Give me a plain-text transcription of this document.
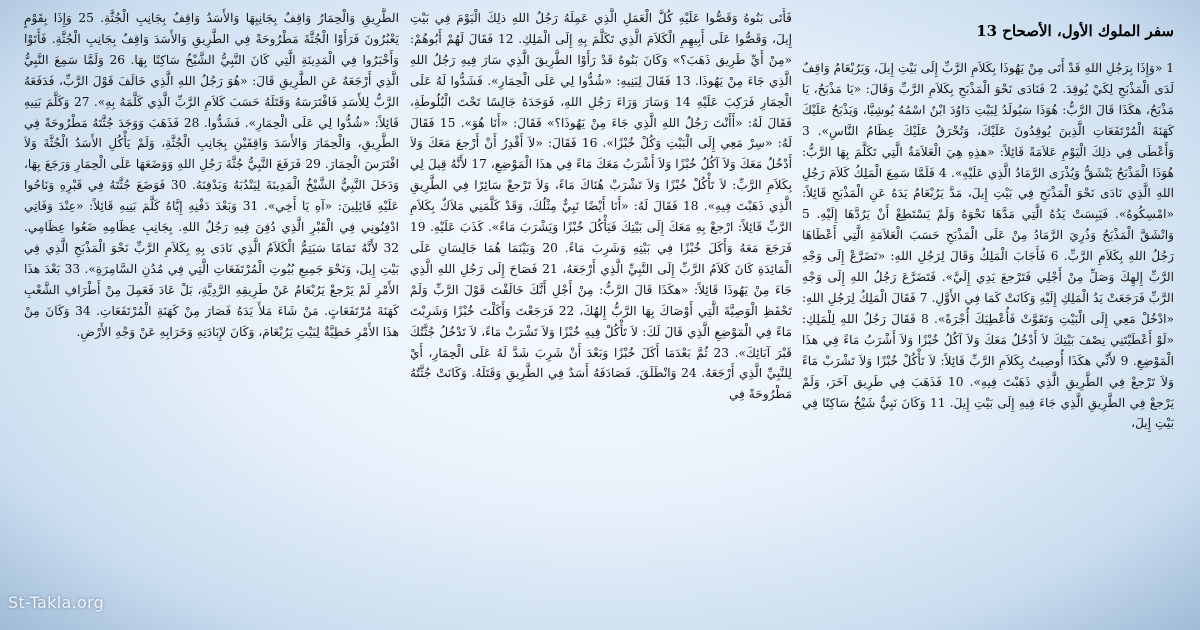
سفر الملوك الأول، الأصحاح 13
1 «وَإِذَا بِرَجُلِ اللهِ قَدْ أَتَى مِنْ يَهُوذَا بِكَلاَمِ الرَّبِّ إِلَى بَيْتِ إِيلَ، وَيَرُبْعَامُ وَاقِفٌ لَدَى الْمَذْبَحِ لِكَيْ يُوقِدَ. 2 فَنَادَى نَحْوَ الْمَذْبَحِ بِكَلاَمِ الرَّبِّ وَقَالَ: «يَا مَذْبَحُ، يَا مَذْبَحُ، هكَذَا قَالَ الرَّبُّ: هُوَذَا سَيُولَدُ لِبَيْتِ دَاوُدَ ابْنٌ اسْمُهُ يُوشِيَّا، وَيَذْبَحُ عَلَيْكَ كَهَنَةَ الْمُرْتَفَعَاتِ الَّذِينَ يُوقِدُونَ عَلَيْكَ، وَتُحْرَقُ عَلَيْكَ عِظَامُ النَّاسِ». 3 وَأَعْطَى فِي ذلِكَ الْيَوْمِ عَلاَمَةً قَائِلاً: «هذِهِ هِيَ الْعَلاَمَةُ الَّتِي تَكَلَّمَ بِهَا الرَّبُّ: هُوَذَا الْمَذْبَحُ يَنْشَقُّ وَيُذْرَى الرَّمَادُ الَّذِي عَلَيْهِ». 4 فَلَمَّا سَمِعَ الْمَلِكُ كَلاَمَ رَجُلِ اللهِ الَّذِي نَادَى نَحْوَ الْمَذْبَحِ فِي بَيْتِ إِيلَ، مَدَّ يَرُبْعَامُ يَدَهُ عَنِ الْمَذْبَحِ قَائِلاً: «امْسِكُوهُ». فَيَبِسَتْ يَدُهُ الَّتِي مَدَّهَا نَحْوَهُ وَلَمْ يَسْتَطِعْ أَنْ يَرُدَّهَا إِلَيْهِ. 5 وَانْشَقَّ الْمَذْبَحُ وَذُرِيَ الرَّمَادُ مِنْ عَلَى الْمَذْبَحِ حَسَبَ الْعَلاَمَةِ الَّتِي أَعْطَاهَا رَجُلُ اللهِ بِكَلاَمِ الرَّبِّ. 6 فَأَجَابَ الْمَلِكُ وَقَالَ لِرَجُلِ اللهِ: «تَضَرَّعْ إِلَى وَجْهِ الرَّبِّ إِلهِكَ وَصَلِّ مِنْ أَجْلِي فَتَرْجعَ يَدِي إِلَيَّ». فَتَضَرَّعَ رَجُلُ اللهِ إِلَى وَجْهِ الرَّبِّ فَرَجَعَتْ يَدُ الْمَلِكِ إِلَيْهِ وَكَانَتْ كَمَا فِي الأَوَّلِ. 7 فَقَالَ الْمَلِكُ لِرَجُلِ اللهِ: «ادْخُلْ مَعِي إِلَى الْبَيْتِ وَتَقَوَّتْ فَأُعْطِيَكَ أُجْرَةً». 8 فَقَالَ رَجُلُ اللهِ لِلْمَلِكِ: «لَوْ أَعْطَيْتَنِي نِصْفَ بَيْتِكَ لاَ أَدْخُلُ مَعَكَ وَلاَ آكُلُ خُبْزًا وَلاَ أَشْرَبُ مَاءً فِي هذَا الْمَوْضِعِ. 9 لأَنِّي هكَذَا أُوصِيتُ بِكَلاَمِ الرَّبِّ قَائِلاً: لاَ تَأْكُلْ خُبْزًا وَلاَ تَشْرَبْ مَاءً وَلاَ تَرْجعْ فِي الطَّرِيقِ الَّذِي ذَهَبْتَ فِيهِ». 10 فَذَهَبَ فِي طَرِيق آخَرَ، وَلَمْ يَرْجعْ فِي الطَّرِيقِ الَّذِي جَاءَ فِيهِ إِلَى بَيْتِ إِيلَ. 11 وَكَانَ نَبِيٌّ شَيْخٌ سَاكِنًا فِي بَيْتِ إِيلَ،
فَأَتَى بَنُوهُ وَقَصُّوا عَلَيْهِ كُلَّ الْعَمَلِ الَّذِي عَمِلَهُ رَجُلُ اللهِ ذلِكَ الْيَوْمَ فِي بَيْتِ إِيلَ، وَقَصُّوا عَلَى أَبِيهِمِ الْكَلاَمَ الَّذِي تَكَلَّمَ بِهِ إِلَى الْمَلِكِ. 12 فَقَالَ لَهُمْ أَبُوهُمْ: «مِنْ أَيِّ طَرِيق ذَهَبَ؟» وَكَانَ بَنُوهُ قَدْ رَأَوْا الطَّرِيقَ الَّذِي سَارَ فِيهِ رَجُلُ اللهِ الَّذِي جَاءَ مِنْ يَهُوذَا. 13 فَقَالَ لِبَنِيهِ: «شُدُّوا لِي عَلَى الْحِمَارِ». فَشَدُّوا لَهُ عَلَى الْحِمَارِ فَرَكِبَ عَلَيْهِ 14 وَسَارَ وَرَاءَ رَجُلِ اللهِ، فَوَجَدَهُ جَالِسًا تَحْتَ الْبُلُوطَةِ، فَقَالَ لَهُ: «أَأَنْتَ رَجُلُ اللهِ الَّذِي جَاءَ مِنْ يَهُوذَا؟» فَقَالَ: «أَنَا هُوَ». 15 فَقَالَ لَهُ: «سِرْ مَعِي إِلَى الْبَيْتِ وَكُلْ خُبْزًا». 16 فَقَالَ: «لاَ أَقْدِرُ أَنْ أَرْجعَ مَعَكَ وَلاَ أَدْخُلُ مَعَكَ وَلاَ آكُلُ خُبْزًا وَلاَ أَشْرَبُ مَعَكَ مَاءً فِي هذَا الْمَوْضِعِ، 17 لأَنَّهُ قِيلَ لِي بِكَلاَمِ الرَّبِّ: لاَ تَأْكُلْ خُبْزًا وَلاَ تَشْرَبْ هُنَاكَ مَاءً، وَلاَ تَرْجعْ سَائِرًا فِي الطَّرِيقِ الَّذِي ذَهَبْتَ فِيهِ». 18 فَقَالَ لَهُ: «أَنَا أَيْضًا نَبِيٌّ مِثْلُكَ، وَقَدْ كَلَّمَنِي مَلاَكٌ بِكَلاَمِ الرَّبِّ قَائِلاً: ارْجعْ بِهِ مَعَكَ إِلَى بَيْتِكَ فَيَأْكُلَ خُبْزًا وَيَشْرَبَ مَاءً». كَذَبَ عَلَيْهِ. 19 فَرَجَعَ مَعَهُ وَأَكَلَ خُبْزًا فِي بَيْتِهِ وَشَرِبَ مَاءً. 20 وَبَيْنَمَا هُمَا جَالِسَانِ عَلَى الْمَائِدَةِ كَانَ كَلاَمُ الرَّبِّ إِلَى النَّبِيِّ الَّذِي أَرْجَعَهُ، 21 فَصَاحَ إِلَى رَجُلِ اللهِ الَّذِي جَاءَ مِنْ يَهُوذَا قَائِلاً: «هكَذَا قَالَ الرَّبُّ: مِنْ أَجْلِ أَنَّكَ خَالَفْتَ قَوْلَ الرَّبِّ وَلَمْ تَحْفَظِ الْوَصِيَّةَ الَّتِي أَوْصَاكَ بِهَا الرَّبُّ إِلهُكَ، 22 فَرَجَعْتَ وَأَكَلْتَ خُبْزًا وَشَرِبْتَ مَاءً فِي الْمَوْضِعِ الَّذِي قَالَ لَكَ: لاَ تَأْكُلْ فِيهِ خُبْزًا وَلاَ تَشْرَبْ مَاءً، لاَ تَدْخُلُ جُثَّتُكَ قَبْرَ آبَائِكَ». 23 ثُمَّ بَعْدَمَا أَكَلَ خُبْزًا وَبَعْدَ أَنْ شَرِبَ شَدَّ لَهُ عَلَى الْحِمَارِ، أَيْ لِلنَّبِيِّ الَّذِي أَرْجَعَهُ. 24 وَانْطَلَقَ. فَصَادَفَهُ أَسَدٌ فِي الطَّرِيقِ وَقَتَلَهُ. وَكَانَتْ جُثَّتُهُ مَطْرُوحَةً فِي
الطَّرِيقِ وَالْحِمَارُ وَاقِفٌ بِجَانِبِهَا وَالأَسَدُ وَاقِفٌ بِجَانِبِ الْجُثَّةِ. 25 وَإِذَا بِقَوْمٍ يَعْبُرُونَ فَرَأَوْا الْجُثَّةَ مَطْرُوحَةً فِي الطَّرِيقِ وَالأَسَدَ وَاقِفٌ بِجَانِبِ الْجُثَّةِ. فَأَتَوْا وَأَخْبَرُوا فِي الْمَدِينَةِ الَّتِي كَانَ النَّبِيُّ الشَّيْخُ سَاكِنًا بِهَا. 26 وَلَمَّا سَمِعَ النَّبِيُّ الَّذِي أَرْجَعَهُ عَنِ الطَّرِيقِ قَالَ: «هُوَ رَجُلُ اللهِ الَّذِي خَالَفَ قَوْلَ الرَّبِّ، فَدَفَعَهُ الرَّبُّ لِلأَسَدِ فَافْتَرَسَهُ وَقَتَلَهُ حَسَبَ كَلاَمِ الرَّبِّ الَّذِي كَلَّمَهُ بِهِ». 27 وَكَلَّمَ بَنِيهِ قَائِلاً: «شُدُّوا لِي عَلَى الْحِمَارِ». فَشَدُّوا. 28 فَذَهَبَ وَوَجَدَ جُثَّتَهُ مَطْرُوحَةً فِي الطَّرِيقِ، وَالْحِمَارَ وَالأَسَدَ وَاقِفَيْنِ بِجَانِبِ الْجُثَّةِ، وَلَمْ يَأْكُلِ الأَسَدُ الْجُثَّةَ وَلاَ افْتَرَسَ الْحِمَارَ. 29 فَرَفَعَ النَّبِيُّ جُثَّةَ رَجُلِ اللهِ وَوَضَعَهَا عَلَى الْحِمَارِ وَرَجَعَ بِهَا، وَدَخَلَ النَّبِيُّ الشَّيْخُ الْمَدِينَةَ لِيَنْدُبَهُ وَيَدْفِنَهُ. 30 فَوَضَعَ جُثَّتَهُ فِي قَبْرِهِ وَنَاحُوا عَلَيْهِ قَائِلِينَ: «آهِ يَا أَخِي». 31 وَبَعْدَ دَفْنِهِ إِيَّاهُ كَلَّمَ بَنِيهِ قَائِلاً: «عِنْدَ وَفَاتِي ادْفِنُونِي فِي الْقَبْرِ الَّذِي دُفِنَ فِيهِ رَجُلُ اللهِ. بِجَانِبِ عِظَامِهِ ضَعُوا عِظَامِي. 32 لأَنَّهُ تَمَامًا سَيَتِمُّ الْكَلاَمُ الَّذِي نَادَى بِهِ بِكَلاَمِ الرَّبِّ نَحْوَ الْمَذْبَحِ الَّذِي فِي بَيْتِ إِيلَ، وَنَحْوَ جَمِيعِ بُيُوتِ الْمُرْتَفَعَاتِ الَّتِي فِي مُدُنِ السَّامِرَةِ». 33 بَعْدَ هذَا الأَمْرِ لَمْ يَرْجعْ يَرُبْعَامُ عَنْ طَرِيقِهِ الرَّدِيَّةِ، بَلْ عَادَ فَعَمِلَ مِنْ أَطْرَافِ الشَّعْبِ كَهَنَةَ مُرْتَفَعَاتٍ. مَنْ شَاءَ مَلأَ يَدَهُ فَصَارَ مِنْ كَهَنَةِ الْمُرْتَفَعَاتِ. 34 وَكَانَ مِنْ هذَا الأَمْرِ خَطِيَّةٌ لِبَيْتِ يَرُبْعَامَ، وَكَانَ لإِبَادَتِهِ وَخَرَابِهِ عَنْ وَجْهِ الأَرْضِ.
St-Takla.org
